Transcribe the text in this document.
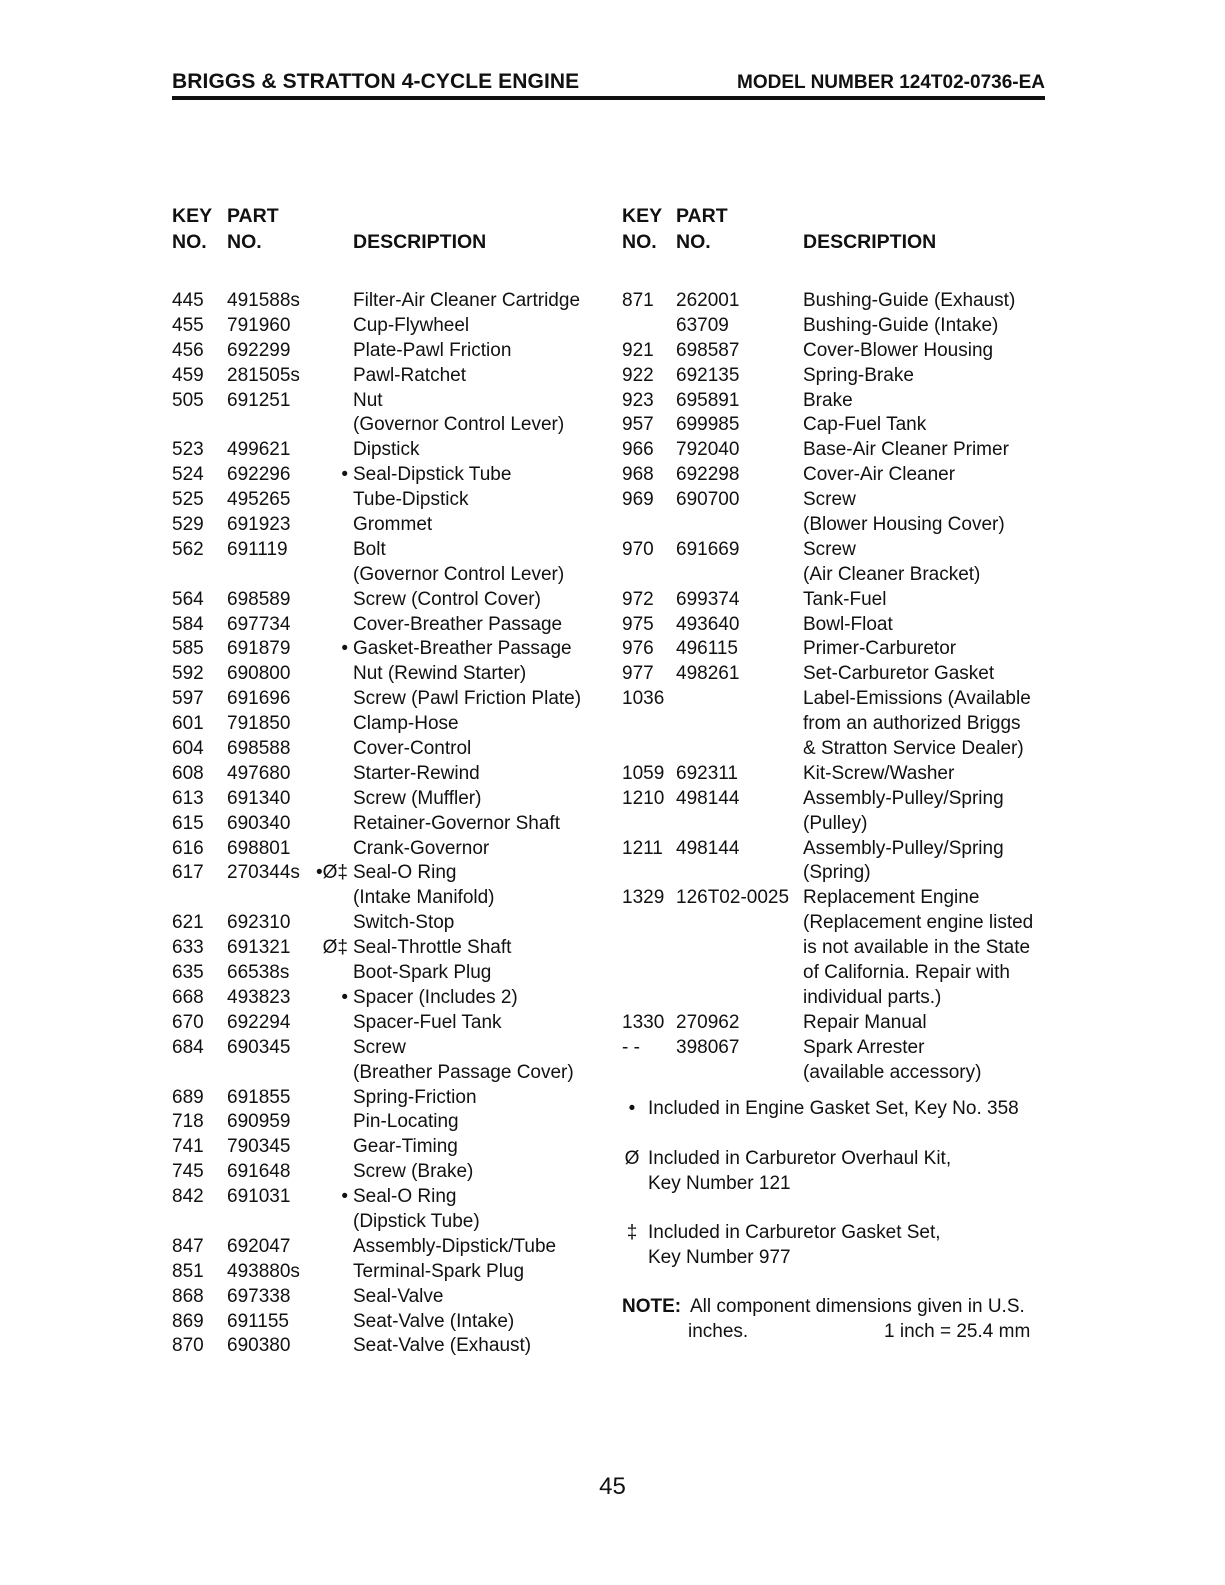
BRIGGS & STRATTON 4-CYCLE ENGINE	MODEL NUMBER 124T02-0736-EA
KEY PART
NO. NO.	DESCRIPTION
445 491588s	Filter-Air Cleaner Cartridge
455 791960	Cup-Flywheel
456 692299	Plate-Pawl Friction
459 281505s	Pawl-Ratchet
505 691251	Nut
(Governor Control Lever)
523 499621	Dipstick
524 692296	• Seal-Dipstick Tube
525 495265	Tube-Dipstick
529 691923	Grommet
562 691119	Bolt
(Governor Control Lever)
564 698589	Screw (Control Cover)
584 697734	Cover-Breather Passage
585 691879	• Gasket-Breather Passage
592 690800	Nut (Rewind Starter)
597 691696	Screw (Pawl Friction Plate)
601 791850	Clamp-Hose
604 698588	Cover-Control
608 497680	Starter-Rewind
613 691340	Screw (Muffler)
615 690340	Retainer-Governor Shaft
616 698801	Crank-Governor
617 270344s •Ø‡ Seal-O Ring
(Intake Manifold)
621 692310	Switch-Stop
633 691321 Ø‡ Seal-Throttle Shaft
635 66538s	Boot-Spark Plug
668 493823	• Spacer (Includes 2)
670 692294	Spacer-Fuel Tank
684 690345	Screw
(Breather Passage Cover)
689 691855	Spring-Friction
718 690959	Pin-Locating
741 790345	Gear-Timing
745 691648	Screw (Brake)
842 691031	• Seal-O Ring
(Dipstick Tube)
847 692047	Assembly-Dipstick/Tube
851 493880s	Terminal-Spark Plug
868 697338	Seal-Valve
869 691155	Seat-Valve (Intake)
870 690380	Seat-Valve (Exhaust)
KEY PART
NO. NO.	DESCRIPTION
871 262001	Bushing-Guide (Exhaust)
63709	Bushing-Guide (Intake)
921 698587	Cover-Blower Housing
922 692135	Spring-Brake
923 695891	Brake
957 699985	Cap-Fuel Tank
966 792040	Base-Air Cleaner Primer
968 692298	Cover-Air Cleaner
969 690700	Screw
(Blower Housing Cover)
970 691669	Screw
(Air Cleaner Bracket)
972 699374	Tank-Fuel
975 493640	Bowl-Float
976 496115	Primer-Carburetor
977 498261	Set-Carburetor Gasket
1036	Label-Emissions (Available
from an authorized Briggs
& Stratton Service Dealer)
1059 692311	Kit-Screw/Washer
1210 498144	Assembly-Pulley/Spring
(Pulley)
1211 498144	Assembly-Pulley/Spring
(Spring)
1329 126T02-0025 Replacement Engine
(Replacement engine listed
is not available in the State
of California. Repair with
individual parts.)
1330 270962	Repair Manual
- - 398067	Spark Arrester
(available accessory)
• Included in Engine Gasket Set, Key No. 358
Ø Included in Carburetor Overhaul Kit,
Key Number 121
‡ Included in Carburetor Gasket Set,
Key Number 977
NOTE: All component dimensions given in U.S.
inches.	1 inch = 25.4 mm
45
